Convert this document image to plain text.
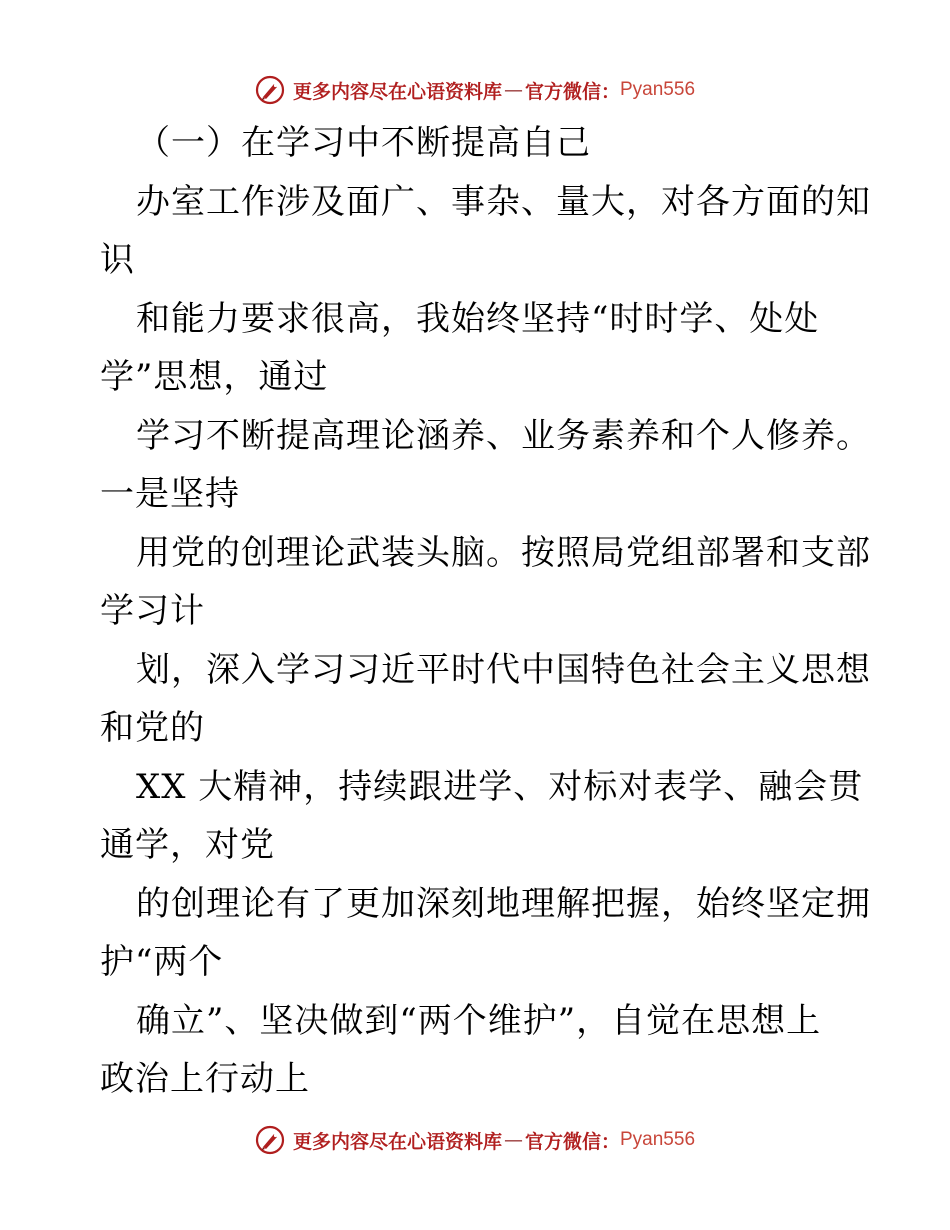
更多内容尽在心语资料库 — 官方微信： Pyan556
（一）在学习中不断提高自己
办室工作涉及面广、事杂、量大，对各方面的知
识
和能力要求很高，我始终坚持“时时学、处处
学”思想，通过
学习不断提高理论涵养、业务素养和个人修养。
一是坚持
用党的创理论武装头脑。按照局党组部署和支部
学习计
划，深入学习习近平时代中国特色社会主义思想
和党的
XX 大精神，持续跟进学、对标对表学、融会贯
通学，对党
的创理论有了更加深刻地理解把握，始终坚定拥
护“两个
确立”、坚决做到“两个维护”，自觉在思想上
政治上行动上
更多内容尽在心语资料库 — 官方微信： Pyan556
